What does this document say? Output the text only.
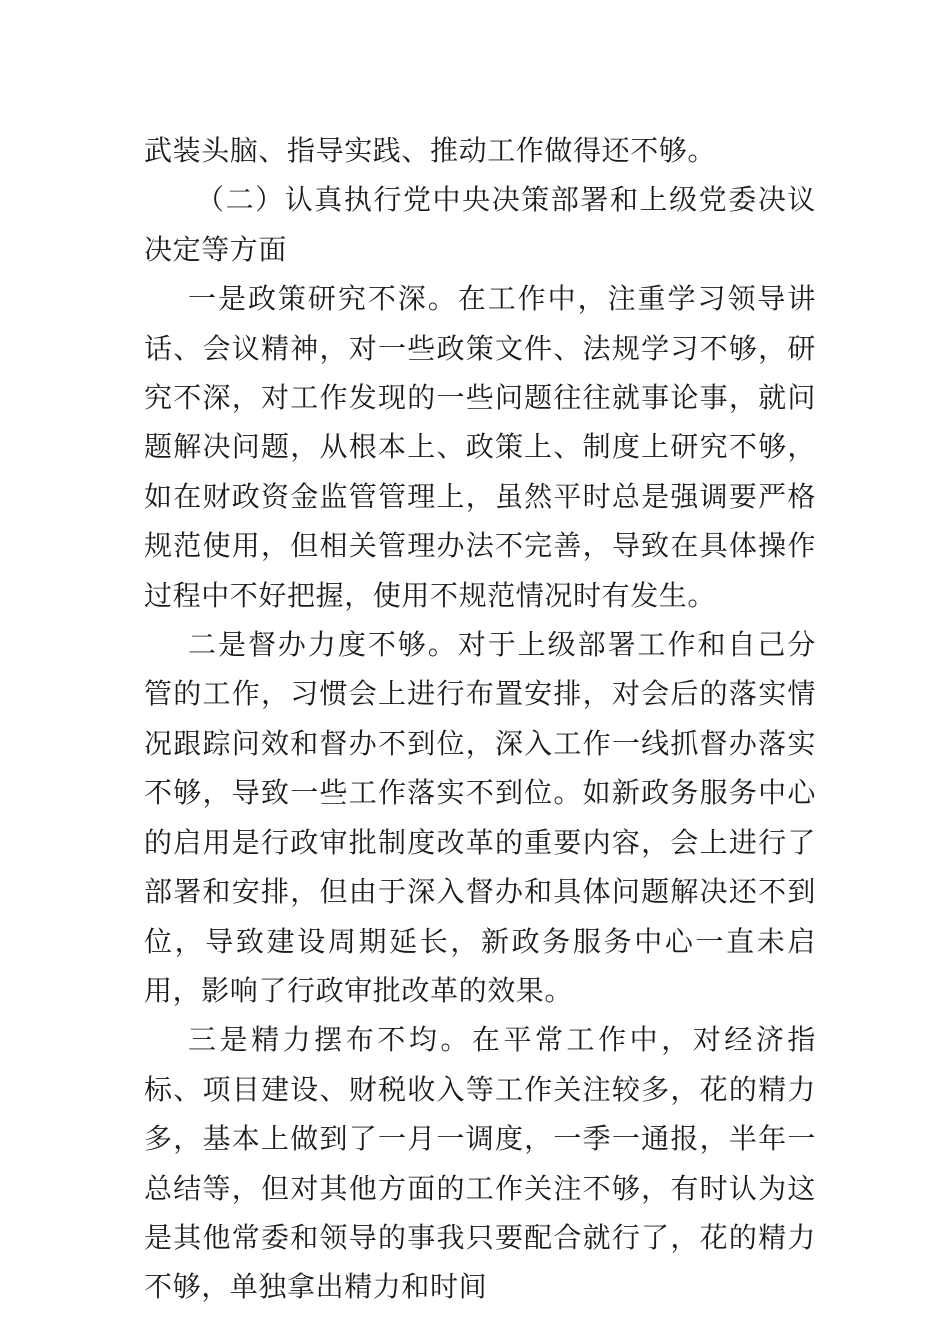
武装头脑、指导实践、推动工作做得还不够。

（二）认真执行党中央决策部署和上级党委决议决定等方面

一是政策研究不深。在工作中，注重学习领导讲话、会议精神，对一些政策文件、法规学习不够，研究不深，对工作发现的一些问题往往就事论事，就问题解决问题，从根本上、政策上、制度上研究不够，如在财政资金监管管理上，虽然平时总是强调要严格规范使用，但相关管理办法不完善，导致在具体操作过程中不好把握，使用不规范情况时有发生。

二是督办力度不够。对于上级部署工作和自己分管的工作，习惯会上进行布置安排，对会后的落实情况跟踪问效和督办不到位，深入工作一线抓督办落实不够，导致一些工作落实不到位。如新政务服务中心的启用是行政审批制度改革的重要内容，会上进行了部署和安排，但由于深入督办和具体问题解决还不到位，导致建设周期延长，新政务服务中心一直未启用，影响了行政审批改革的效果。

三是精力摆布不均。在平常工作中，对经济指标、项目建设、财税收入等工作关注较多，花的精力多，基本上做到了一月一调度，一季一通报，半年一总结等，但对其他方面的工作关注不够，有时认为这是其他常委和领导的事我只要配合就行了，花的精力不够，单独拿出精力和时间
